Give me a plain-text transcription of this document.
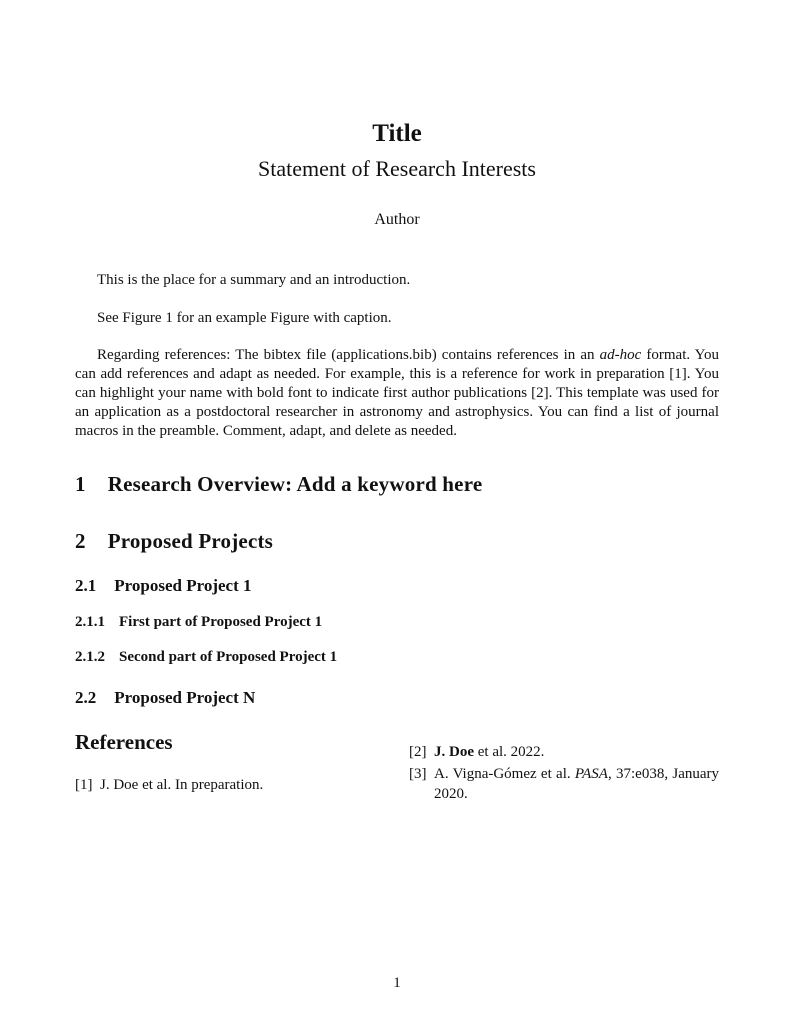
Title
Statement of Research Interests
Author

This is the place for a summary and an introduction.

See Figure 1 for an example Figure with caption.

Regarding references: The bibtex file (applications.bib) contains references in an ad-hoc format. You can add references and adapt as needed. For example, this is a reference for work in preparation [1]. You can highlight your name with bold font to indicate first author publications [2]. This template was used for an application as a postdoctoral researcher in astronomy and astrophysics. You can find a list of journal macros in the preamble. Comment, adapt, and delete as needed.

1 Research Overview: Add a keyword here
2 Proposed Projects
2.1 Proposed Project 1
2.1.1 First part of Proposed Project 1
2.1.2 Second part of Proposed Project 1
2.2 Proposed Project N
References
[1] J. Doe et al. In preparation.
[2] J. Doe et al. 2022.
[3] A. Vigna-Gómez et al. PASA, 37:e038, January 2020.
1
